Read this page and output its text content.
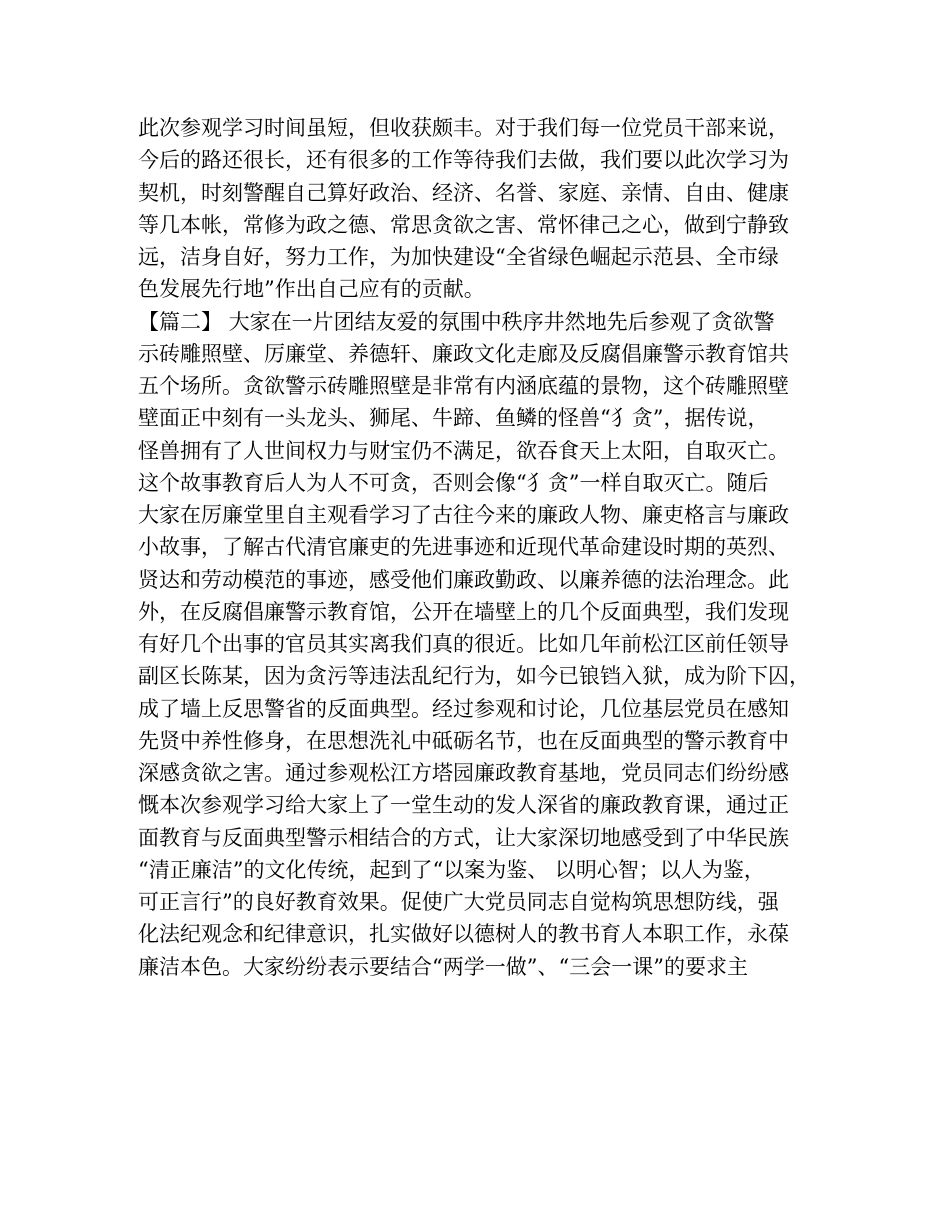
此次参观学习时间虽短，但收获颇丰。对于我们每一位党员干部来说，
今后的路还很长，还有很多的工作等待我们去做，我们要以此次学习为
契机，时刻警醒自己算好政治、经济、名誉、家庭、亲情、自由、健康
等几本帐，常修为政之德、常思贪欲之害、常怀律己之心，做到宁静致
远，洁身自好，努力工作，为加快建设“全省绿色崛起示范县、全市绿
色发展先行地”作出自己应有的贡献。
【篇二】 大家在一片团结友爱的氛围中秩序井然地先后参观了贪欲警
示砖雕照壁、厉廉堂、养德轩、廉政文化走廊及反腐倡廉警示教育馆共
五个场所。贪欲警示砖雕照壁是非常有内涵底蕴的景物，这个砖雕照壁
壁面正中刻有一头龙头、狮尾、牛蹄、鱼鳞的怪兽“犭贪”，据传说，
怪兽拥有了人世间权力与财宝仍不满足，欲吞食天上太阳，自取灭亡。
这个故事教育后人为人不可贪，否则会像“犭贪”一样自取灭亡。随后
大家在厉廉堂里自主观看学习了古往今来的廉政人物、廉吏格言与廉政
小故事，了解古代清官廉吏的先进事迹和近现代革命建设时期的英烈、
贤达和劳动模范的事迹，感受他们廉政勤政、以廉养德的法治理念。此
外，在反腐倡廉警示教育馆，公开在墙壁上的几个反面典型，我们发现
有好几个出事的官员其实离我们真的很近。比如几年前松江区前任领导
副区长陈某，因为贪污等违法乱纪行为，如今已锒铛入狱，成为阶下囚，
成了墙上反思警省的反面典型。经过参观和讨论，几位基层党员在感知
先贤中养性修身，在思想洗礼中砥砺名节，也在反面典型的警示教育中
深感贪欲之害。通过参观松江方塔园廉政教育基地，党员同志们纷纷感
慨本次参观学习给大家上了一堂生动的发人深省的廉政教育课，通过正
面教育与反面典型警示相结合的方式，让大家深切地感受到了中华民族
“清正廉洁”的文化传统，起到了“以案为鉴、 以明心智；以人为鉴，
可正言行”的良好教育效果。促使广大党员同志自觉构筑思想防线，强
化法纪观念和纪律意识，扎实做好以德树人的教书育人本职工作，永葆
廉洁本色。大家纷纷表示要结合“两学一做”、“三会一课”的要求主
